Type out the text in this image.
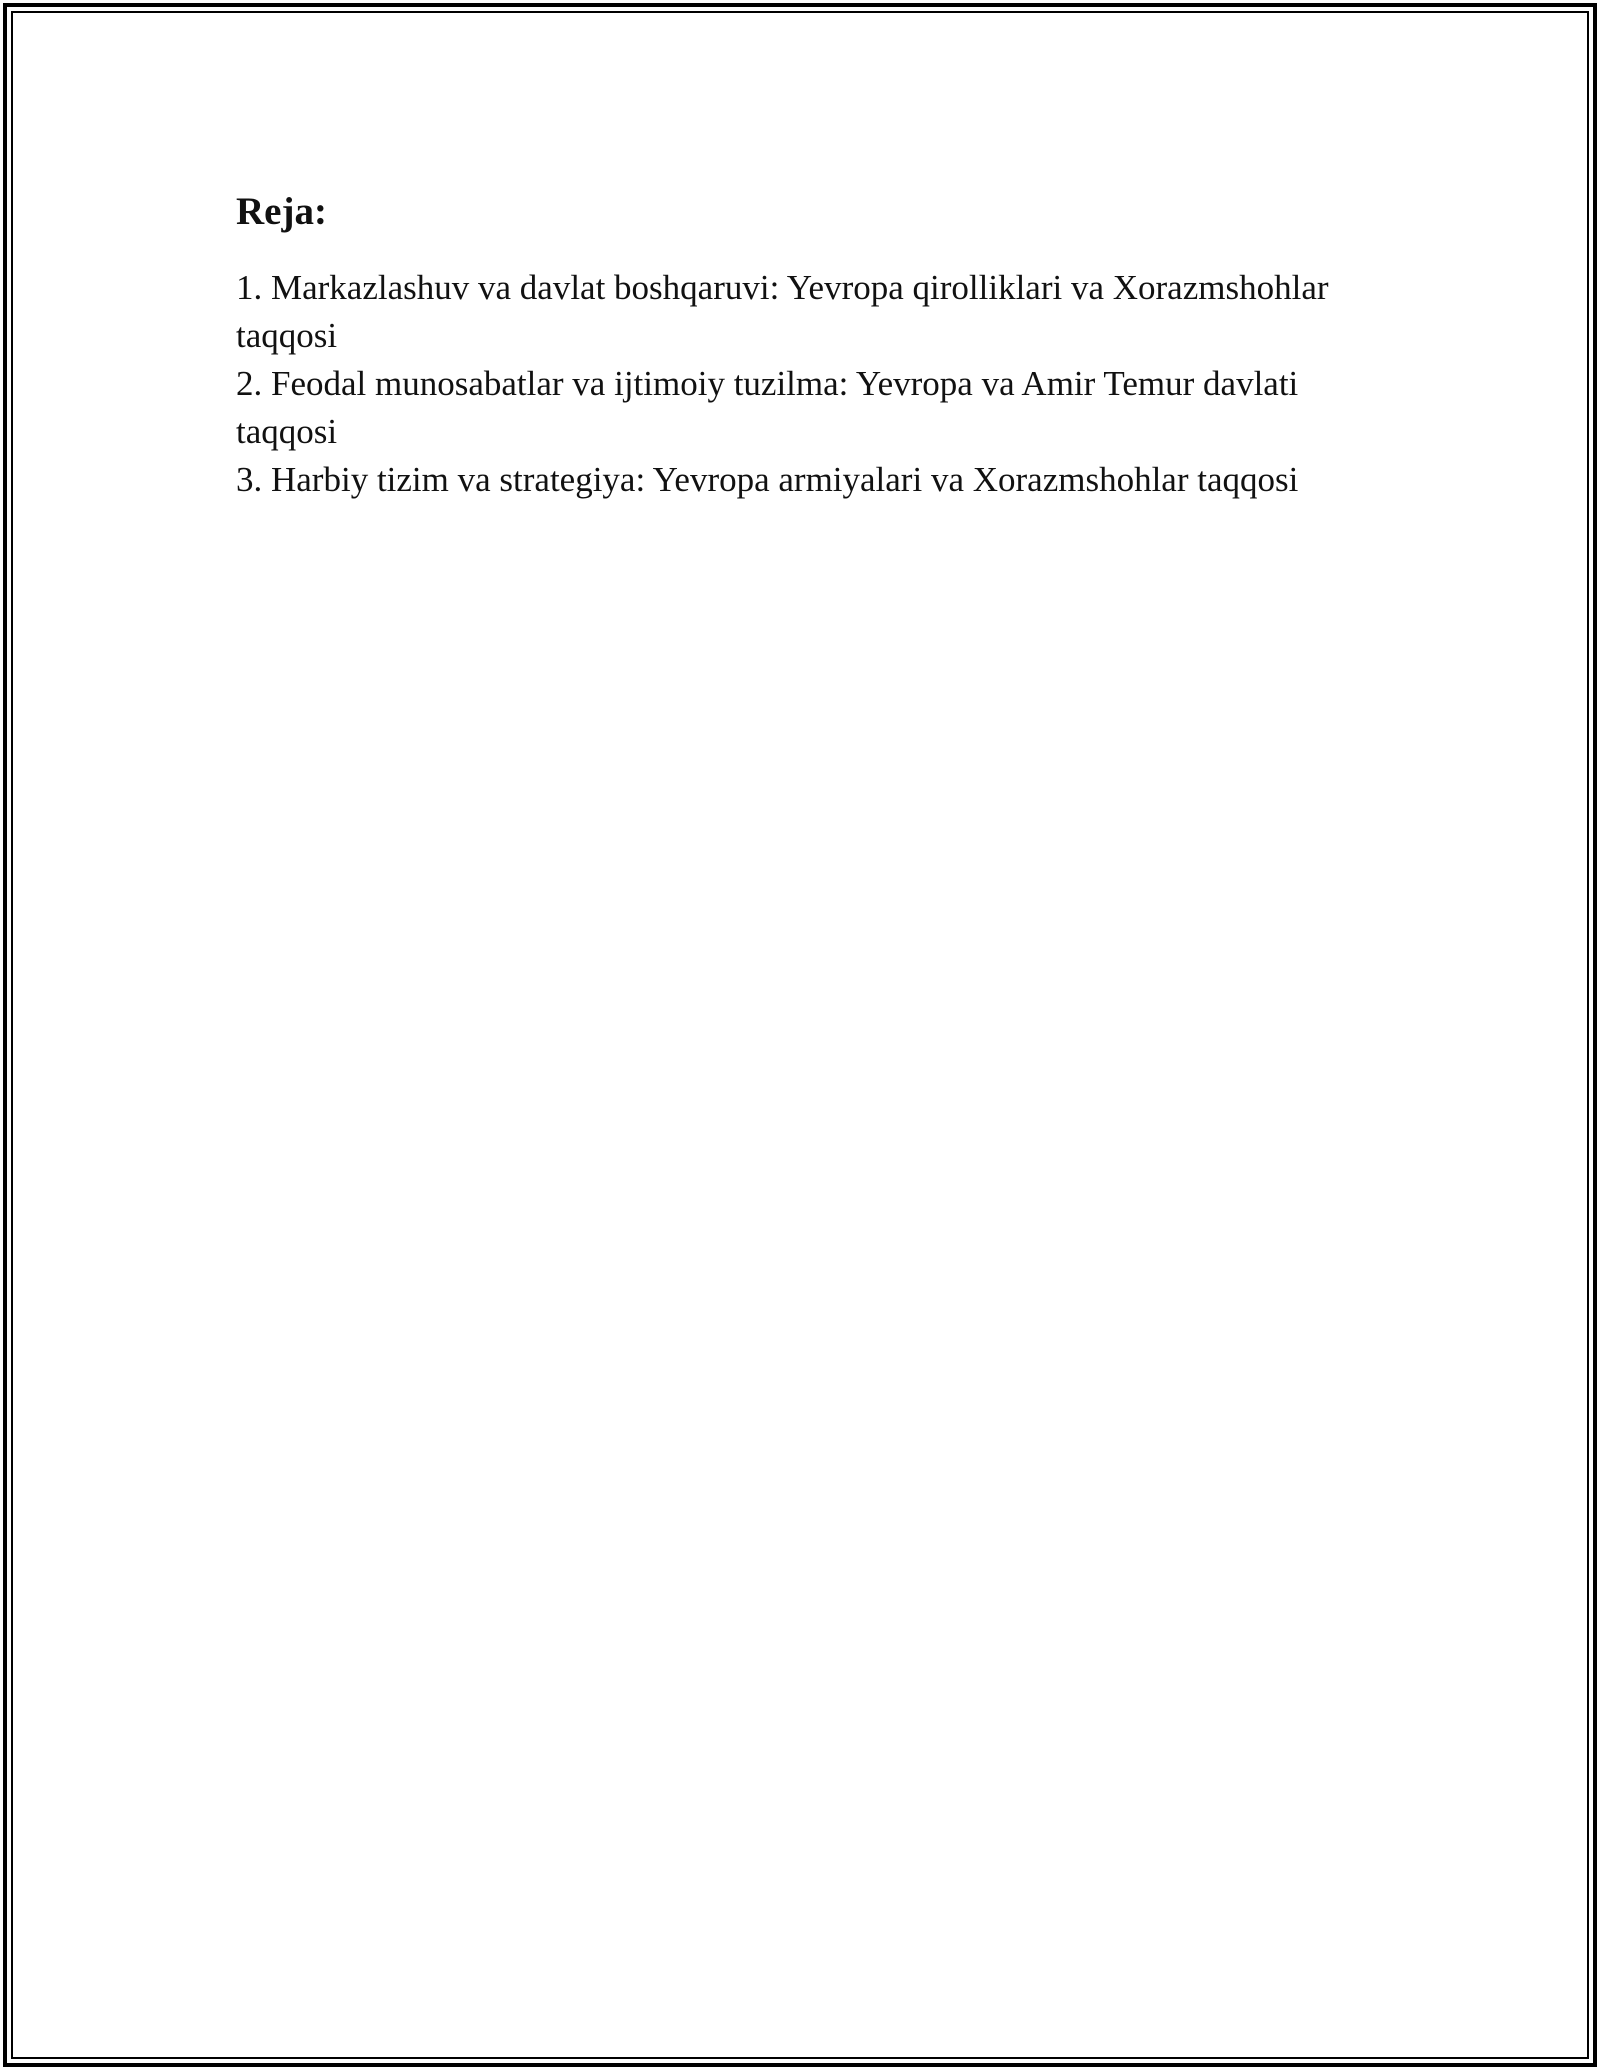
Reja:
1. Markazlashuv va davlat boshqaruvi: Yevropa qirolliklari va Xorazmshohlar taqqosi
2. Feodal munosabatlar va ijtimoiy tuzilma: Yevropa va Amir Temur davlati taqqosi
3. Harbiy tizim va strategiya: Yevropa armiyalari va Xorazmshohlar taqqosi
